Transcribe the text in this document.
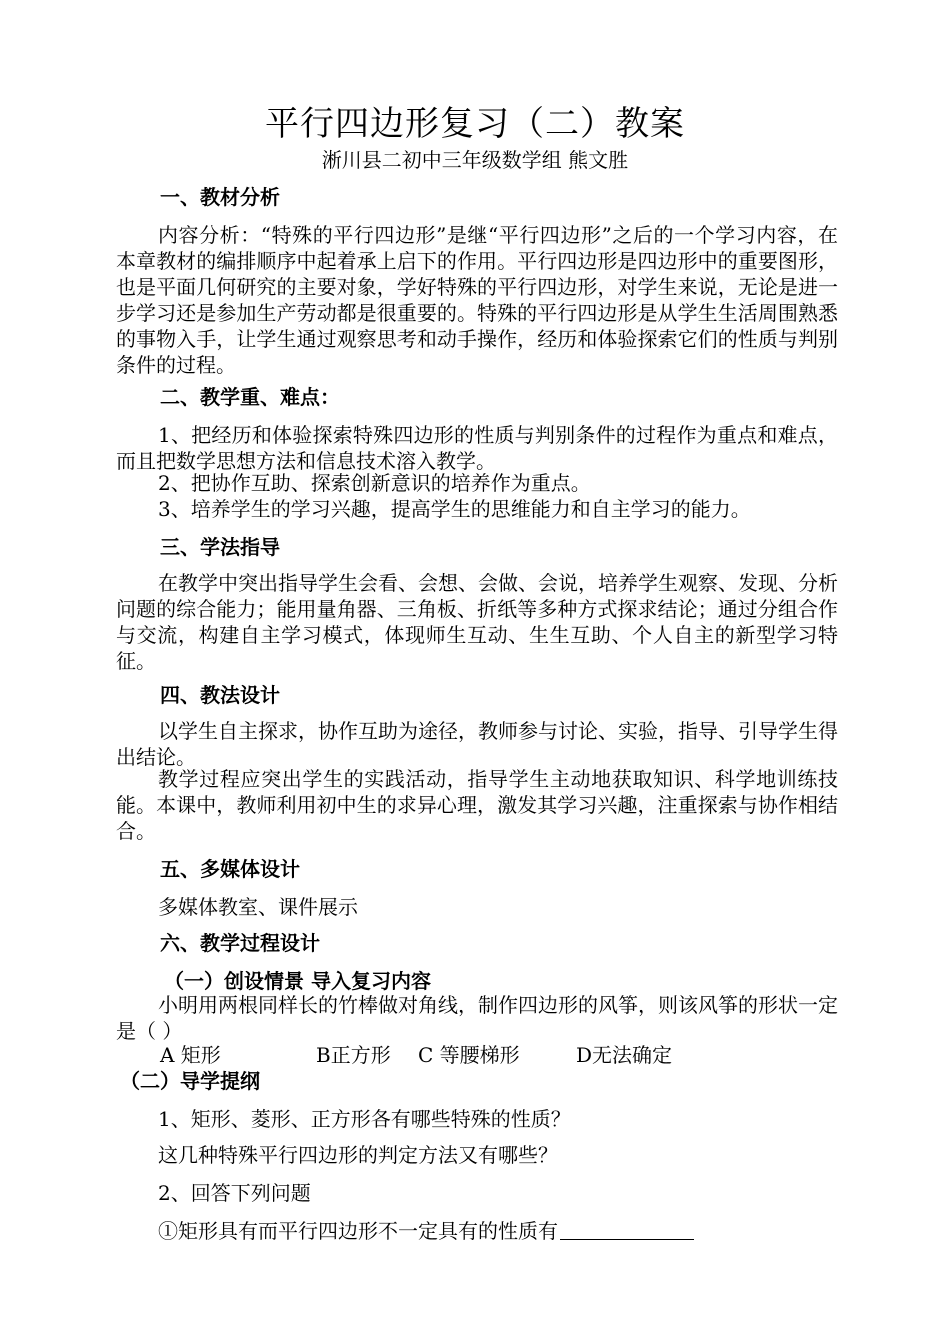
平行四边形复习（二）教案
淅川县二初中三年级数学组 熊文胜
一、教材分析
内容分析：“特殊的平行四边形”是继“平行四边形”之后的一个学习内容，在本章教材的编排顺序中起着承上启下的作用。平行四边形是四边形中的重要图形，也是平面几何研究的主要对象，学好特殊的平行四边形，对学生来说，无论是进一步学习还是参加生产劳动都是很重要的。特殊的平行四边形是从学生生活周围熟悉的事物入手，让学生通过观察思考和动手操作，经历和体验探索它们的性质与判别条件的过程。
二、教学重、难点：
1、把经历和体验探索特殊四边形的性质与判别条件的过程作为重点和难点，而且把数学思想方法和信息技术溶入教学。
2、把协作互助、探索创新意识的培养作为重点。
3、培养学生的学习兴趣，提高学生的思维能力和自主学习的能力。
三、学法指导
在教学中突出指导学生会看、会想、会做、会说，培养学生观察、发现、分析问题的综合能力；能用量角器、三角板、折纸等多种方式探求结论；通过分组合作与交流，构建自主学习模式，体现师生互动、生生互助、个人自主的新型学习特征。
四、教法设计
以学生自主探求，协作互助为途径，教师参与讨论、实验，指导、引导学生得出结论。
教学过程应突出学生的实践活动，指导学生主动地获取知识、科学地训练技能。本课中，教师利用初中生的求异心理，激发其学习兴趣，注重探索与协作相结合。
五、多媒体设计
多媒体教室、课件展示
六、教学过程设计
（一）创设情景 导入复习内容
小明用两根同样长的竹棒做对角线，制作四边形的风筝，则该风筝的形状一定是（ ）
A 矩形	B正方形 C 等腰梯形	D无法确定
（二）导学提纲
1、矩形、菱形、正方形各有哪些特殊的性质？
这几种特殊平行四边形的判定方法又有哪些？
2、回答下列问题
①矩形具有而平行四边形不一定具有的性质有
